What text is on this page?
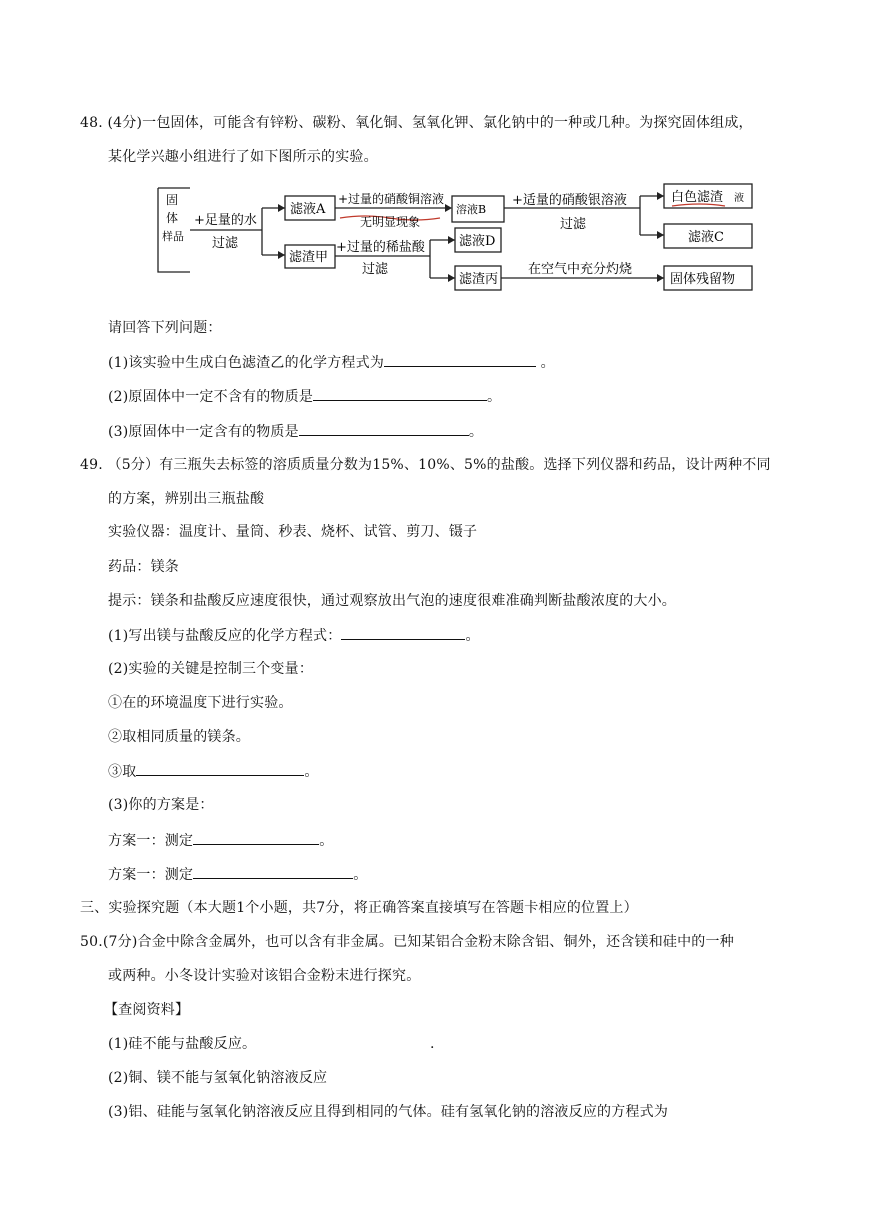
48. (4分)一包固体，可能含有锌粉、碳粉、氧化铜、氢氧化钾、氯化钠中的一种或几种。为探究固体组成，
某化学兴趣小组进行了如下图所示的实验。
固
体
样品
+足量的水
过滤
滤液A
滤渣甲
+过量的硝酸铜溶液
无明显现象
溶液B
+适量的硝酸银溶液
过滤
白色滤渣 液
滤液C
+过量的稀盐酸
过滤
滤液D
滤渣丙
在空气中充分灼烧
固体残留物
请回答下列问题：
(1)该实验中生成白色滤渣乙的化学方程式为	。
(2)原固体中一定不含有的物质是	。
(3)原固体中一定含有的物质是	。
49. （5分）有三瓶失去标签的溶质质量分数为15%、10%、5%的盐酸。选择下列仪器和药品，设计两种不同
的方案，辨别出三瓶盐酸
实验仪器：温度计、量筒、秒表、烧杯、试管、剪刀、镊子
药品：镁条
提示：镁条和盐酸反应速度很快，通过观察放出气泡的速度很难准确判断盐酸浓度的大小。
(1)写出镁与盐酸反应的化学方程式：	。
(2)实验的关键是控制三个变量：
①在的环境温度下进行实验。
②取相同质量的镁条。
③取	。
(3)你的方案是：
方案一：测定	。
方案一：测定	。
三、实验探究题（本大题1个小题，共7分，将正确答案直接填写在答题卡相应的位置上）
50.(7分)合金中除含金属外，也可以含有非金属。已知某铝合金粉末除含铝、铜外，还含镁和硅中的一种
或两种。小冬设计实验对该铝合金粉末进行探究。
【查阅资料】
(1)硅不能与盐酸反应。	.
(2)铜、镁不能与氢氧化钠溶液反应
(3)铝、硅能与氢氧化钠溶液反应且得到相同的气体。硅有氢氧化钠的溶液反应的方程式为
